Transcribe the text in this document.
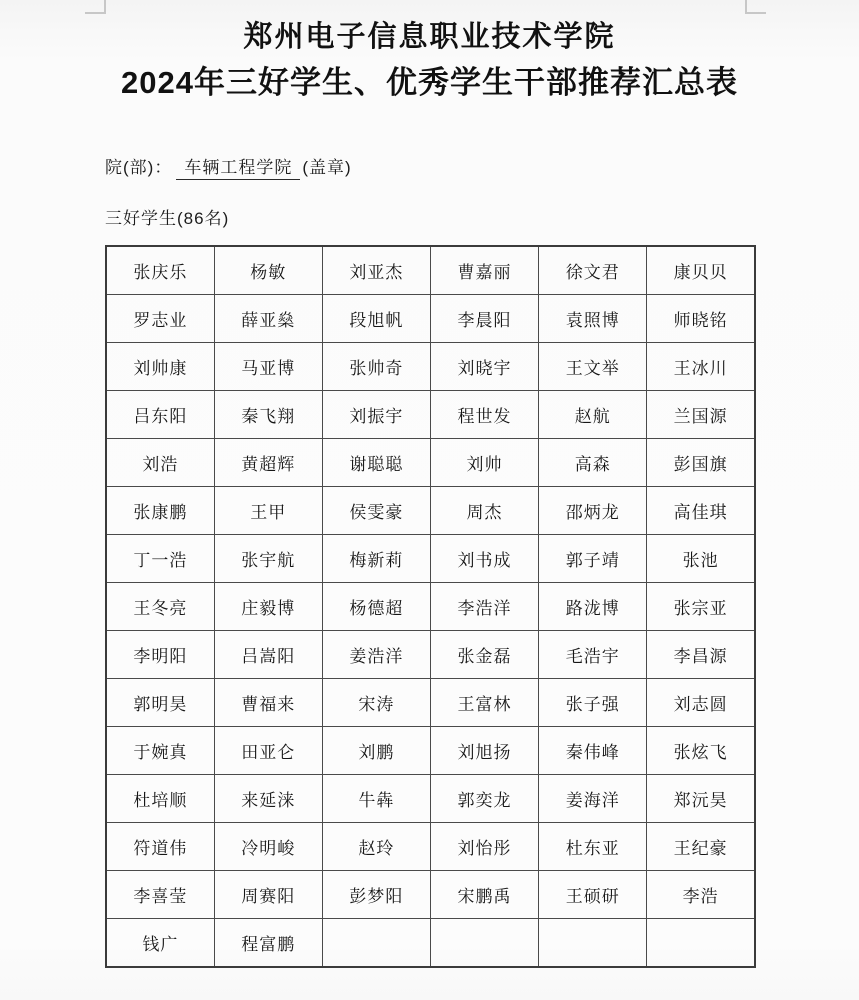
郑州电子信息职业技术学院
2024年三好学生、优秀学生干部推荐汇总表
院(部)： 车辆工程学院 (盖章)
三好学生(86名)
张庆乐	杨敏	刘亚杰	曹嘉丽	徐文君	康贝贝
罗志业	薛亚燊	段旭帆	李晨阳	袁照博	师晓铭
刘帅康	马亚博	张帅奇	刘晓宇	王文举	王冰川
吕东阳	秦飞翔	刘振宇	程世发	赵航	兰国源
刘浩	黄超辉	谢聪聪	刘帅	高森	彭国旗
张康鹏	王甲	侯雯豪	周杰	邵炳龙	高佳琪
丁一浩	张宇航	梅新莉	刘书成	郭子靖	张池
王冬亮	庄毅博	杨德超	李浩洋	路泷博	张宗亚
李明阳	吕嵩阳	姜浩洋	张金磊	毛浩宇	李昌源
郭明昊	曹福来	宋涛	王富林	张子强	刘志圆
于婉真	田亚仑	刘鹏	刘旭扬	秦伟峰	张炫飞
杜培顺	来延涞	牛犇	郭奕龙	姜海洋	郑沅昊
符道伟	冷明峻	赵玲	刘怡彤	杜东亚	王纪豪
李喜莹	周赛阳	彭梦阳	宋鹏禹	王硕研	李浩
钱广	程富鹏				
